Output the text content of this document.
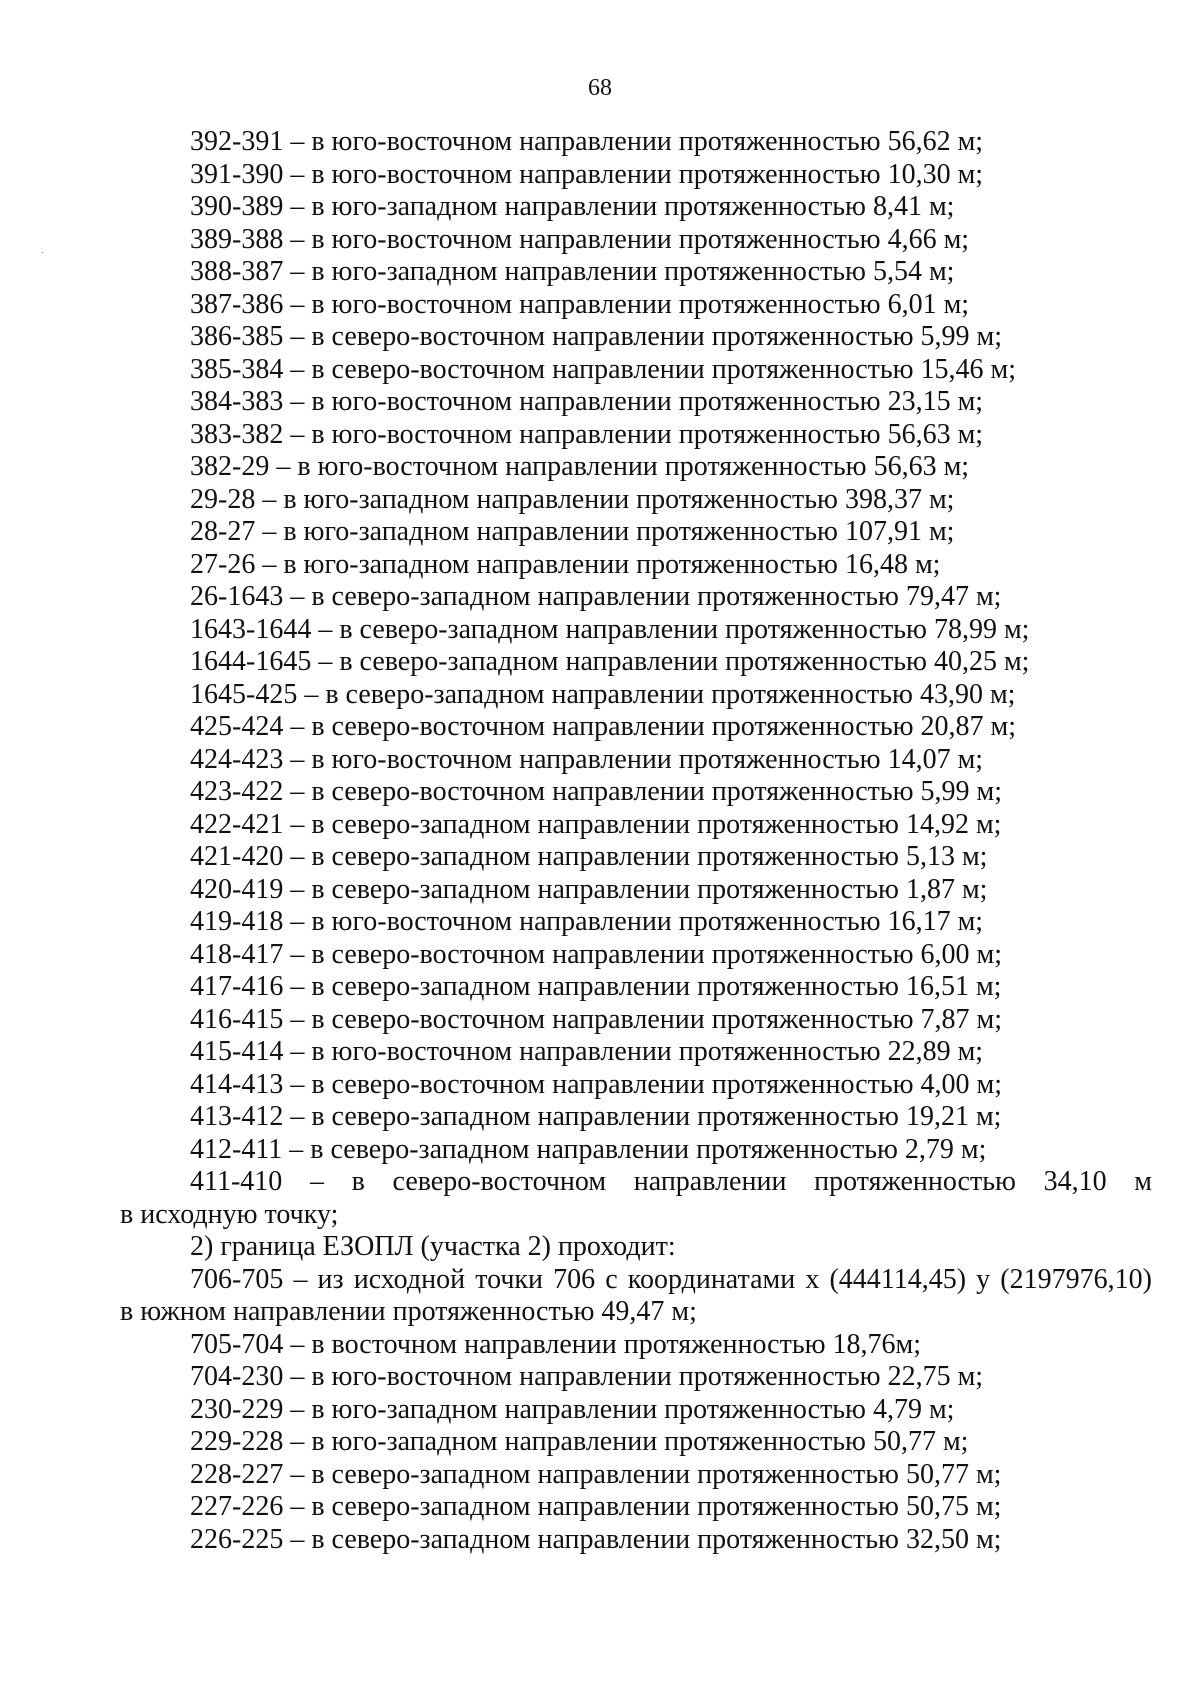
68
392-391 – в юго-восточном направлении протяженностью 56,62 м;
391-390 – в юго-восточном направлении протяженностью 10,30 м;
390-389 – в юго-западном направлении протяженностью 8,41 м;
389-388 – в юго-восточном направлении протяженностью 4,66 м;
388-387 – в юго-западном направлении протяженностью 5,54 м;
387-386 – в юго-восточном направлении протяженностью 6,01 м;
386-385 – в северо-восточном направлении протяженностью 5,99 м;
385-384 – в северо-восточном направлении протяженностью 15,46 м;
384-383 – в юго-восточном направлении протяженностью 23,15 м;
383-382 – в юго-восточном направлении протяженностью 56,63 м;
382-29 – в юго-восточном направлении протяженностью 56,63 м;
29-28 – в юго-западном направлении протяженностью 398,37 м;
28-27 – в юго-западном направлении протяженностью 107,91 м;
27-26 – в юго-западном направлении протяженностью 16,48 м;
26-1643 – в северо-западном направлении протяженностью 79,47 м;
1643-1644 – в северо-западном направлении протяженностью 78,99 м;
1644-1645 – в северо-западном направлении протяженностью 40,25 м;
1645-425 – в северо-западном направлении протяженностью 43,90 м;
425-424 – в северо-восточном направлении протяженностью 20,87 м;
424-423 – в юго-восточном направлении протяженностью 14,07 м;
423-422 – в северо-восточном направлении протяженностью 5,99 м;
422-421 – в северо-западном направлении протяженностью 14,92 м;
421-420 – в северо-западном направлении протяженностью 5,13 м;
420-419 – в северо-западном направлении протяженностью 1,87 м;
419-418 – в юго-восточном направлении протяженностью 16,17 м;
418-417 – в северо-восточном направлении протяженностью 6,00 м;
417-416 – в северо-западном направлении протяженностью 16,51 м;
416-415 – в северо-восточном направлении протяженностью 7,87 м;
415-414 – в юго-восточном направлении протяженностью 22,89 м;
414-413 – в северо-восточном направлении протяженностью 4,00 м;
413-412 – в северо-западном направлении протяженностью 19,21 м;
412-411 – в северо-западном направлении протяженностью 2,79 м;
411-410 – в северо-восточном направлении протяженностью 34,10 м
в исходную точку;
2) граница ЕЗОПЛ (участка 2) проходит:
706-705 – из исходной точки 706 с координатами х (444114,45) у (2197976,10)
в южном направлении протяженностью 49,47 м;
705-704 – в восточном направлении протяженностью 18,76м;
704-230 – в юго-восточном направлении протяженностью 22,75 м;
230-229 – в юго-западном направлении протяженностью 4,79 м;
229-228 – в юго-западном направлении протяженностью 50,77 м;
228-227 – в северо-западном направлении протяженностью 50,77 м;
227-226 – в северо-западном направлении протяженностью 50,75 м;
226-225 – в северо-западном направлении протяженностью 32,50 м;
